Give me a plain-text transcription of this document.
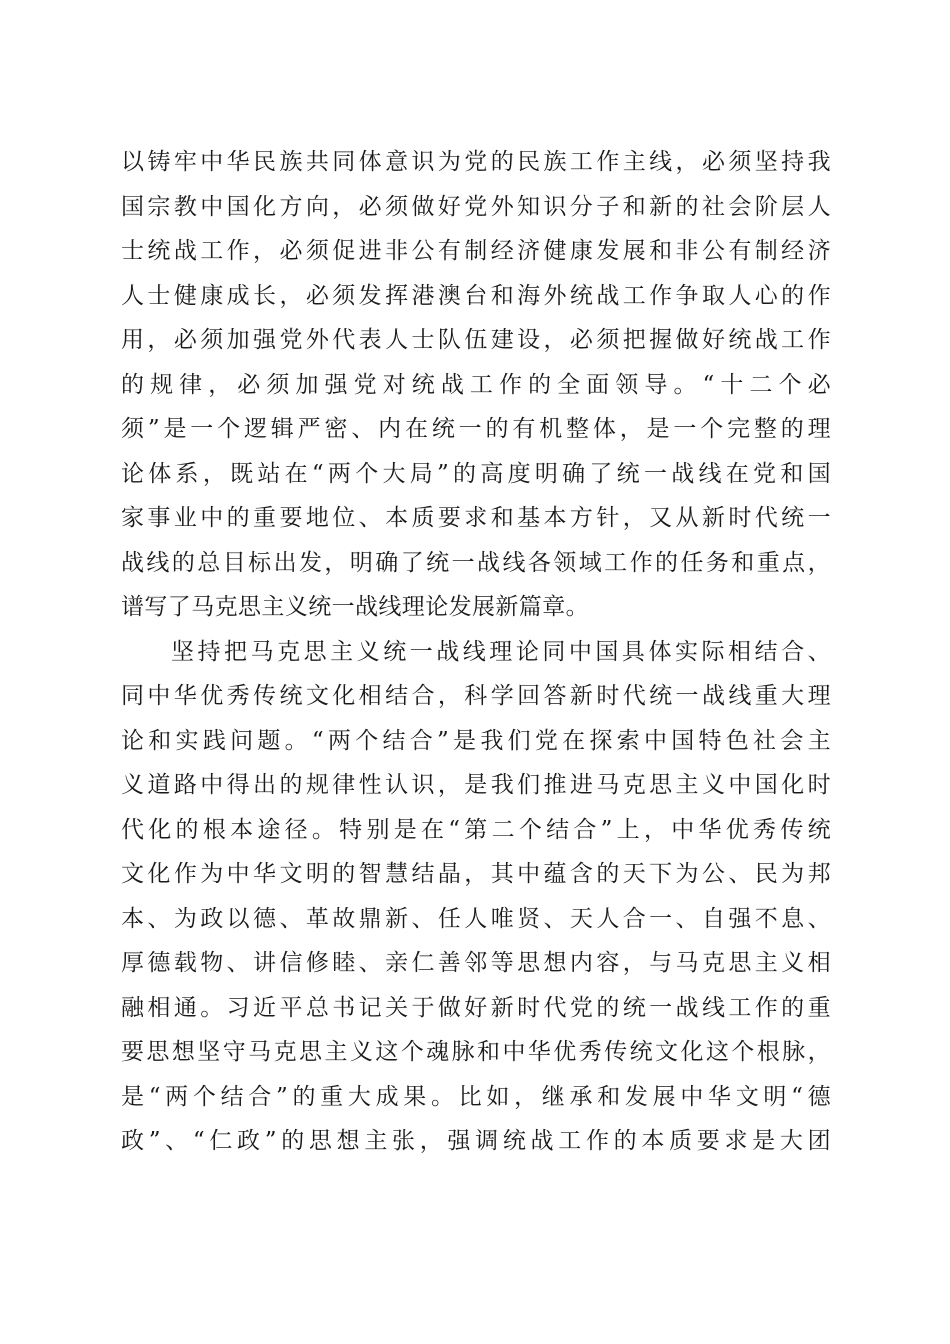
以铸牢中华民族共同体意识为党的民族工作主线，必须坚持我
国宗教中国化方向，必须做好党外知识分子和新的社会阶层人
士统战工作，必须促进非公有制经济健康发展和非公有制经济
人士健康成长，必须发挥港澳台和海外统战工作争取人心的作
用，必须加强党外代表人士队伍建设，必须把握做好统战工作
的规律，必须加强党对统战工作的全面领导。“十二个必
须”是一个逻辑严密、内在统一的有机整体，是一个完整的理
论体系，既站在“两个大局”的高度明确了统一战线在党和国
家事业中的重要地位、本质要求和基本方针，又从新时代统一
战线的总目标出发，明确了统一战线各领域工作的任务和重点，
谱写了马克思主义统一战线理论发展新篇章。
坚持把马克思主义统一战线理论同中国具体实际相结合、
同中华优秀传统文化相结合，科学回答新时代统一战线重大理
论和实践问题。“两个结合”是我们党在探索中国特色社会主
义道路中得出的规律性认识，是我们推进马克思主义中国化时
代化的根本途径。特别是在“第二个结合”上，中华优秀传统
文化作为中华文明的智慧结晶，其中蕴含的天下为公、民为邦
本、为政以德、革故鼎新、任人唯贤、天人合一、自强不息、
厚德载物、讲信修睦、亲仁善邻等思想内容，与马克思主义相
融相通。习近平总书记关于做好新时代党的统一战线工作的重
要思想坚守马克思主义这个魂脉和中华优秀传统文化这个根脉，
是“两个结合”的重大成果。比如，继承和发展中华文明“德
政”、“仁政”的思想主张，强调统战工作的本质要求是大团
